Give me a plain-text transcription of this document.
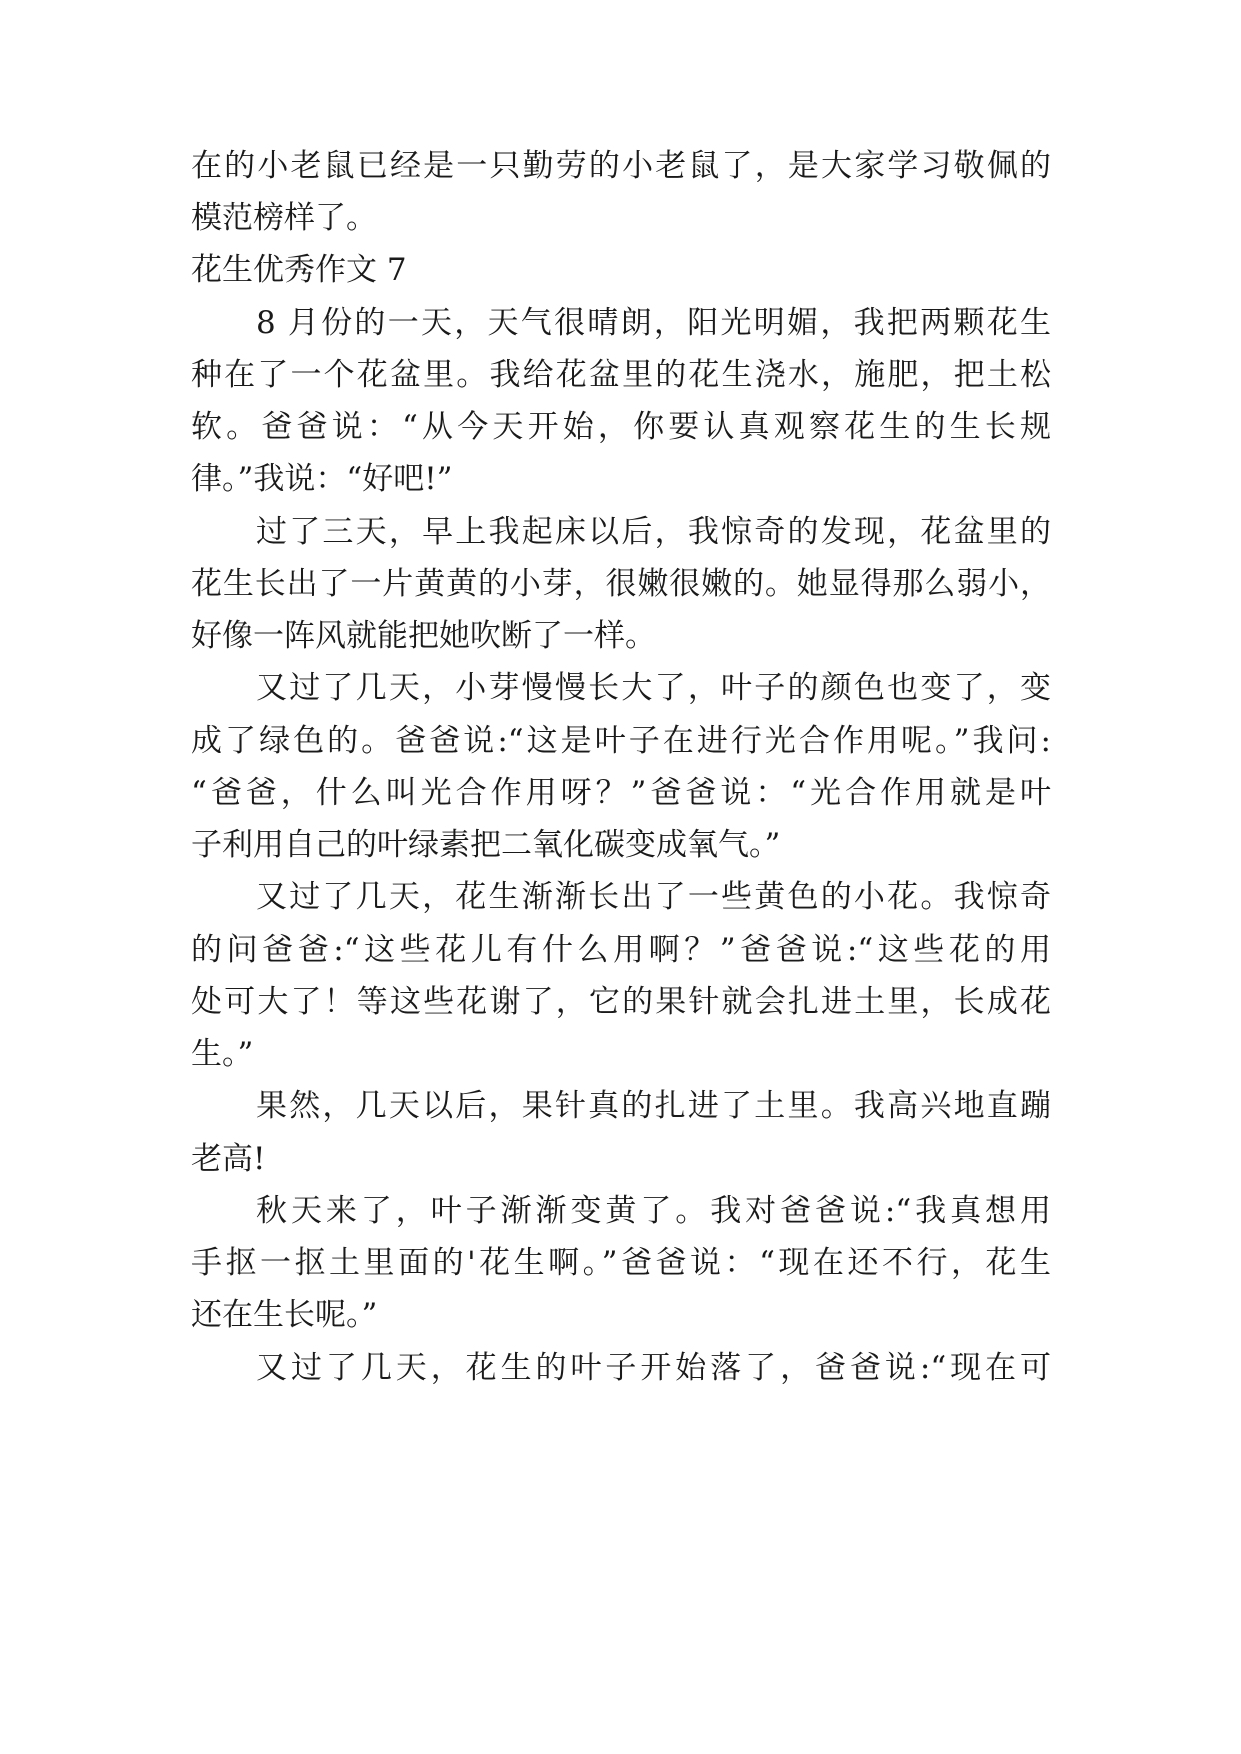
在的小老鼠已经是一只勤劳的小老鼠了，是大家学习敬佩的
模范榜样了。
花生优秀作文 7
8 月份的一天，天气很晴朗，阳光明媚，我把两颗花生
种在了一个花盆里。我给花盆里的花生浇水，施肥，把土松
软。爸爸说：“从今天开始，你要认真观察花生的生长规
律。”我说：“好吧!”
过了三天，早上我起床以后，我惊奇的发现，花盆里的
花生长出了一片黄黄的小芽，很嫩很嫩的。她显得那么弱小，
好像一阵风就能把她吹断了一样。
又过了几天，小芽慢慢长大了，叶子的颜色也变了，变
成了绿色的。爸爸说:“这是叶子在进行光合作用呢。”我问:
“爸爸，什么叫光合作用呀？”爸爸说：“光合作用就是叶
子利用自己的叶绿素把二氧化碳变成氧气。”
又过了几天，花生渐渐长出了一些黄色的小花。我惊奇
的问爸爸:“这些花儿有什么用啊？”爸爸说:“这些花的用
处可大了！等这些花谢了，它的果针就会扎进土里，长成花
生。”
果然，几天以后，果针真的扎进了土里。我高兴地直蹦
老高!
秋天来了，叶子渐渐变黄了。我对爸爸说:“我真想用
手抠一抠土里面的'花生啊。”爸爸说：“现在还不行，花生
还在生长呢。”
又过了几天，花生的叶子开始落了，爸爸说:“现在可
